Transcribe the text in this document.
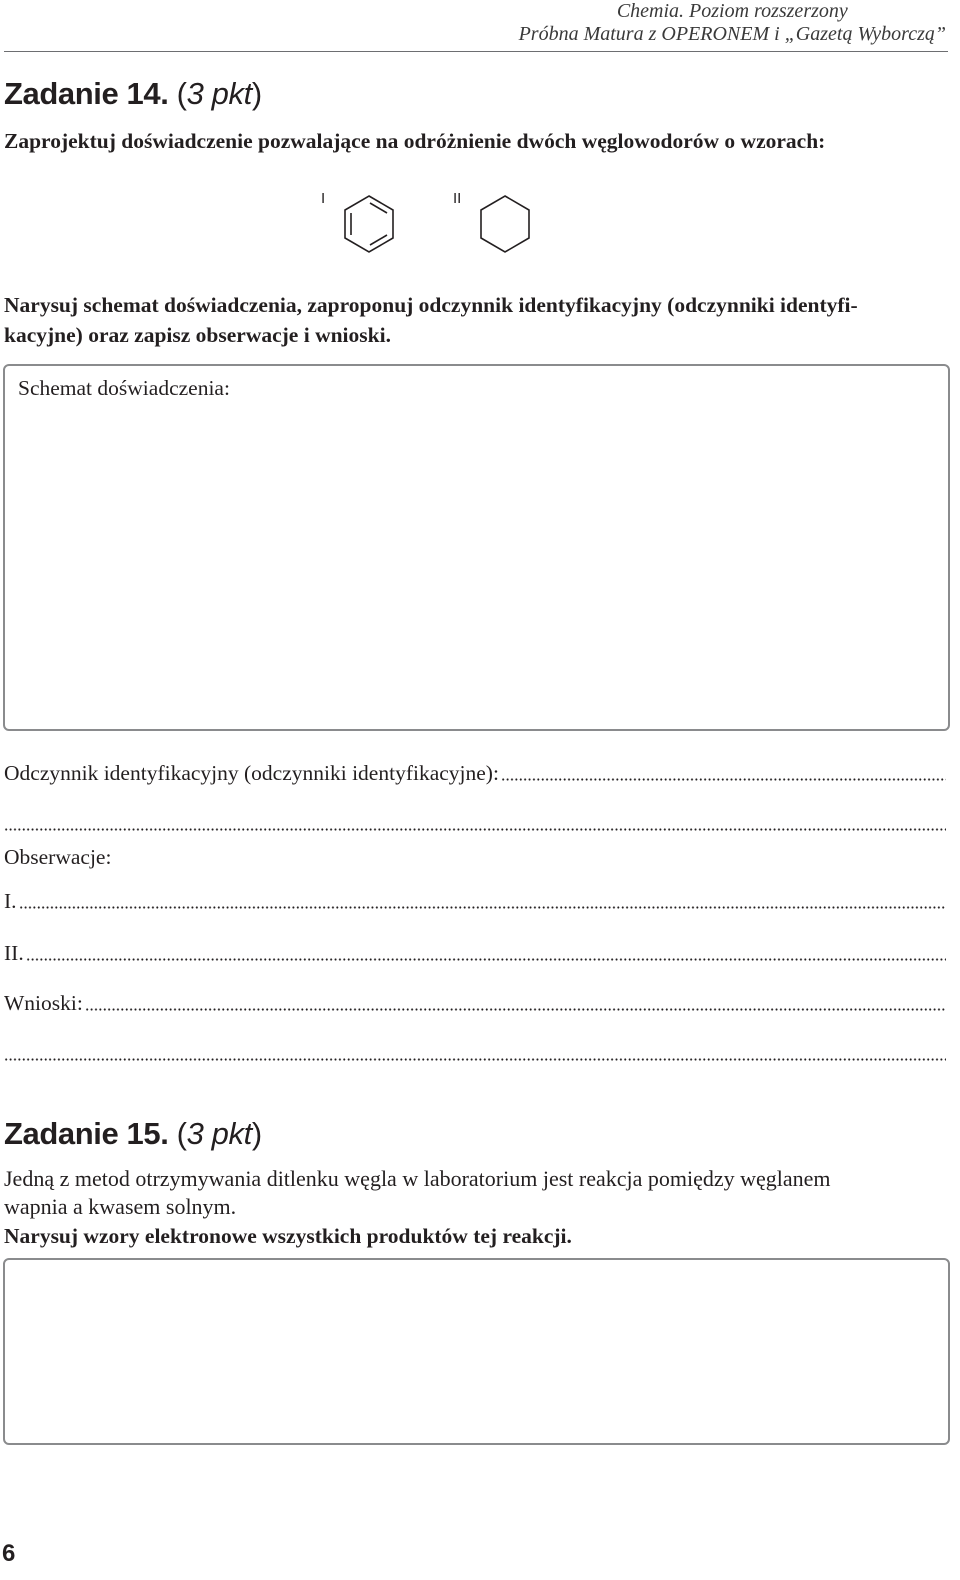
Chemia. Poziom rozszerzony
Próbna Matura z OPERONEM i „Gazetą Wyborczą”
Zadanie 14. (3 pkt)
Zaprojektuj doświadczenie pozwalające na odróżnienie dwóch węglowodorów o wzorach:
I	II
Narysuj schemat doświadczenia, zaproponuj odczynnik identyfikacyjny (odczynniki identyfi-
kacyjne) oraz zapisz obserwacje i wnioski.
Schemat doświadczenia:
Odczynnik identyfikacyjny (odczynniki identyfikacyjne):
Obserwacje:
I.
II.
Wnioski:
Zadanie 15. (3 pkt)
Jedną z metod otrzymywania ditlenku węgla w laboratorium jest reakcja pomiędzy węglanem
wapnia a kwasem solnym.
Narysuj wzory elektronowe wszystkich produktów tej reakcji.
6
